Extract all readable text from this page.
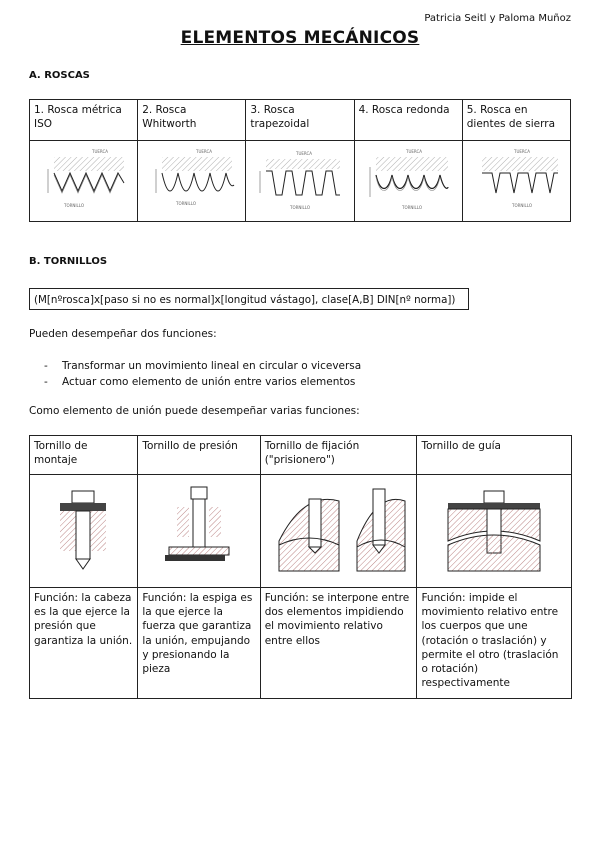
Patricia Seitl y Paloma Muñoz
ELEMENTOS MECÁNICOS
A. ROSCAS
1. Rosca métrica ISO	2. Rosca Whitworth	3. Rosca trapezoidal	4. Rosca redonda	5. Rosca en dientes de sierra

TUERCA
TORNILLO	TUERCA
TORNILLO	TUERCA
TORNILLO	TUERCA
TORNILLO	TUERCA
TORNILLO
B. TORNILLOS
(M[nºrosca]x[paso si no es normal]x[longitud vástago], clase[A,B] DIN[nº norma])
Pueden desempeñar dos funciones:
- Transformar un movimiento lineal en circular o viceversa
- Actuar como elemento de unión entre varios elementos
Como elemento de unión puede desempeñar varias funciones:
Tornillo de montaje	Tornillo de presión	Tornillo de fijación ("prisionero")	Tornillo de guía

Función: la cabeza es la que ejerce la presión que garantiza la unión.	Función: la espiga es la que ejerce la fuerza que garantiza la unión, empujando y presionando la pieza	Función: se interpone entre dos elementos impidiendo el movimiento relativo entre ellos	Función: impide el movimiento relativo entre los cuerpos que une (rotación o traslación) y permite el otro (traslación o rotación) respectivamente
